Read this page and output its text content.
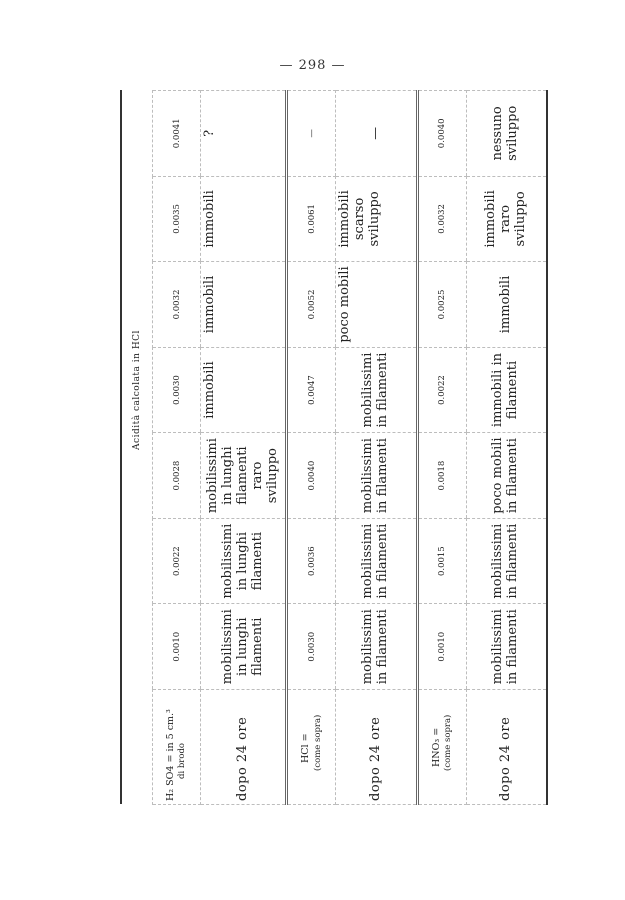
— 298 —
	Acidità calcolata in HCl						

H₂ SO4 = in 5 cm.³ di brodo	0.0010	0.0022	0.0028	0.0030	0.0032	0.0035	0.0041
dopo 24 ore	mobilissimi in lunghi filamenti	mobilissimi in lunghi filamenti	mobilissimi in lunghi filamenti raro sviluppo	immobili	immobili	immobili	?

HCl = (come sopra)	0.0030	0.0036	0.0040	0.0047	0.0052	0.0061	—
dopo 24 ore	mobilissimi in filamenti	mobilissimi in filamenti	mobilissimi in filamenti	mobilissimi in filamenti	poco mobili	immobili scarso sviluppo	—

HNO₃ = (come sopra)	0.0010	0.0015	0.0018	0.0022	0.0025	0.0032	0.0040
dopo 24 ore	mobilissimi in filamenti	mobilissimi in filamenti	poco mobili in filamenti	immobili in filamenti	immobili	immobili raro sviluppo	nessuno sviluppo
